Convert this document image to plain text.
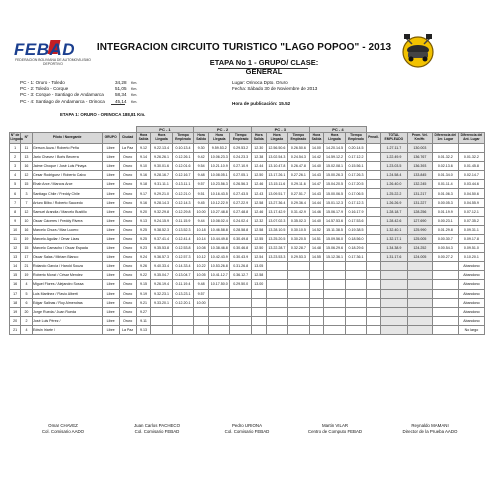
FEBAD
FEDERACION BOLIVIANA DE AUTOMOVILISMO DEPORTIVO
INTEGRACION CIRCUITO TURISTICO "LAGO POPOO" - 2013
ETAPA No 1 - GRUPO/ CLASE: GENERAL
PC - 1: Oruro - Toledo	34,28 Km.
PC - 2: Toledo - Corque	51,05 Km.
PC - 3: Corque - Santiago de Andamarca 58,34 Km.
PC - 4: Santiago de Andamarca - Orinoca 45,14 Km.
ETAPA 1: ORURO - ORINOCA 188,81 Km.
Lugar: Orinoca Dpto. Oruro
Fecha: Sábado 30 de Noviembre de 2013
Hora de publicación: 15.52
					PC - 1			PC - 2			PC - 3			PC - 4							
N° de Llegada	N°	Piloto / Navegante	GRUPO	Ciudad	Hora Salida	Hora Llegada	Tiempo Empleado	Hora Salida	Hora Llegada	Tiempo Empleado	Hora Salida	Hora Llegada	Tiempo Empleado	Hora Salida	Hora Llegada	Tiempo Empleado	Penali.	TOTAL EMPLEADO	Prom. Vel. Km/Hr.	Diferencia del 1er. Lugar	Diferencia del Ant. Lugar
1	11	Gerson Auza / Roberto Peña	Libre	La Paz	9.12	9.22.13.4	0.10.13.4	9.30	9.59.53.2	0.29.53.2	12.30	12.56.50.6	0.26.50.6	14.00	14.20.14.5	0.20.14.5		1.27.11.7	130.003		
2	13	Jario Chavez / Boris Becerra	Libre	Oruro	9.14	9.26.26.1	0.12.26.1	9.42	10.06.23.3	0.24.23.3	12.38	13.02.54.3	0.24.54.3	14.42	14.59.12.2	0.17.12.2		1.22.49.9	136.767	0.01.32.2	0.01.32.2
3	16	Jaime Choque / Josè Luis Pinaya	Libre	Oruro	9.10	9.30.01.6	0.12.01.6	9.54	10.21.10.9	0.27.10.9	12.44	13.10.47.8	0.26.47.8	14.40	15.02.08.1	0.15.56.1		1.23.03.5	136.393	0.02.13.6	0.01.45.8
4	12	Cesar Rodriguez / Roberto Calvo	Libre	Oruro	9.16	9.28.16.7	0.12.16.7	9.48	10.08.05.1	0.27.05.1	12.50	13.17.26.1	0.27.26.1	14.43	15.00.26.3	0.17.26.3		1.24.58.4	133.845	0.01.34.0	0.02.14.7
5	15	Ehab Arce / Marcos Arce	Libre	Oruro	9.18	9.31.11.1	0.13.11.1	9.57	10.23.56.3	0.26.56.3	12.46	13.15.11.6	0.29.11.6	14.47	15.04.20.5	0.17.20.5		1.26.40.0	132.245	0.01.11.4	0.03.44.6
6	3	Santiago Chile / Freddy Chile	Libre	Oruro	9.17	9.29.21.0	0.12.21.0	9.51	10.16.43.5	0.27.43.5	12.43	13.09.51.7	0.27.51.7	14.43	15.00.06.5	0.17.06.5		1.25.22.2	131.217	0.01.06.3	0.04.50.6
7	7	Arturo Bilbo / Roberto Saucedo	Libre	Oruro	9.16	9.28.14.3	0.12.14.3	9.45	10.12.22.9	0.27.22.9	12.58	13.27.36.4	0.29.36.4	14.44	15.01.12.3	0.17.12.3		1.26.26.9	131.227	0.00.05.3	0.04.55.9
8	12	Samuel Arandia / Marcelo Bustillo	Libre	Oruro	9.20	9.32.29.8	0.12.29.8	10.00	10.27.48.8	0.27.48.8	12.46	13.17.42.9	0.31.42.9	14.46	15.06.17.9	0.16.17.9		1.28.18.7	128.256	0.01.19.9	0.07.12.1
9	10	Oscar Cáceres / Freddy Rivera	Libre	Oruro	9.13	9.24.15.9	0.11.15.9	9.44	10.08.02.4	0.24.02.4	12.32	13.07.02.3	0.35.02.3	14.40	14.57.53.6	0.17.53.6		1.28.42.6	127.690	0.00.23.1	0.07.35.2
10	16	Marcelo Chura / Max Lucero	Libre	Oruro	9.25	9.38.52.3	0.13.52.3	10.18	10.46.58.8	0.28.58.8	12.58	13.28.10.5	0.30.10.5	14.52	15.11.38.5	0.19.38.5		1.32.40.1	125.990	0.01.29.8	0.09.31.1
11	19	Marcelo Aguilar / Omar Lizas	Libre	Oruro	9.25	9.37.41.4	0.12.41.4	10.14	10.44.49.8	0.30.49.8	12.55	13.25.20.5	0.30.20.5	14.51	15.09.56.0	0.18.56.0		1.32.17.1	125.005	0.00.30.7	0.09.17.8
12	15	Marcelo Camacho / Oscar Espada	Libre	Oruro	9.23	9.35.53.8	0.12.53.8	10.08	10.38.46.8	0.30.46.8	12.50	13.22.28.7	0.32.28.7	14.48	15.06.29.6	0.18.29.6		1.34.38.9	124.252	0.00.54.3	0.09.51.0
13	17	Oscar Salas / Miriam Blanco	Libre	Oruro	9.24	9.36.57.3	0.12.57.3	10.12	10.42.43.9	0.30.43.9	12.54	13.23.53.3	0.29.53.3	14.55	15.12.36.1	0.17.36.1		1.31.17.6	124.005	0.00.27.2	0.10.20.1
14	21	Rolando García / Harold Souza	Libre	Oruro	9.26	9.40.33.4	0.14.33.4	10.22	10.53.26.8	0.31.26.8	13.05										Abandono
15	19	Roberto Monzi / César Mendez	Libre	Oruro	9.22	9.35.04.7	0.13.04.7	10.05	10.41.12.7	0.36.12.7	12.58										Abandono
16	4	Miguel Flores / Alejandro Sossa	Libre	Oruro	9.15	9.26.19.4	0.11.19.4	9.48	10.17.50.0	0.29.50.0	13.00										Abandono
17	5	Luis Martinez / Flavio Alberti	Libre	Oruro	9.19	9.32.23.1	0.13.23.1	9.57													Abandono
18	6	Edgar Salinas / Roy Almendras	Libre	Oruro	9.21	9.33.20.1	0.12.20.1	10.00													Abandono
19	20	Jorge Rueda / Juan Rueda	Libre	Oruro	9.27																Abandono
20	2	José Luis Pérez /	Libre	Oruro	9.11																Abandono
21	4	Edwin Iriarte /	Libre	La Paz	9.13																No largo
Omar CHAVEZ
Col. Comisario AADO
Juan Carlos PACHECO
Col. Comisario FEBAD
Pedro URIONA
Col. Comisario FEBAD
Martin VILAR
Centro de Computo FEBAD
Reynaldo MAMANI
Director de la Prueba AADO
